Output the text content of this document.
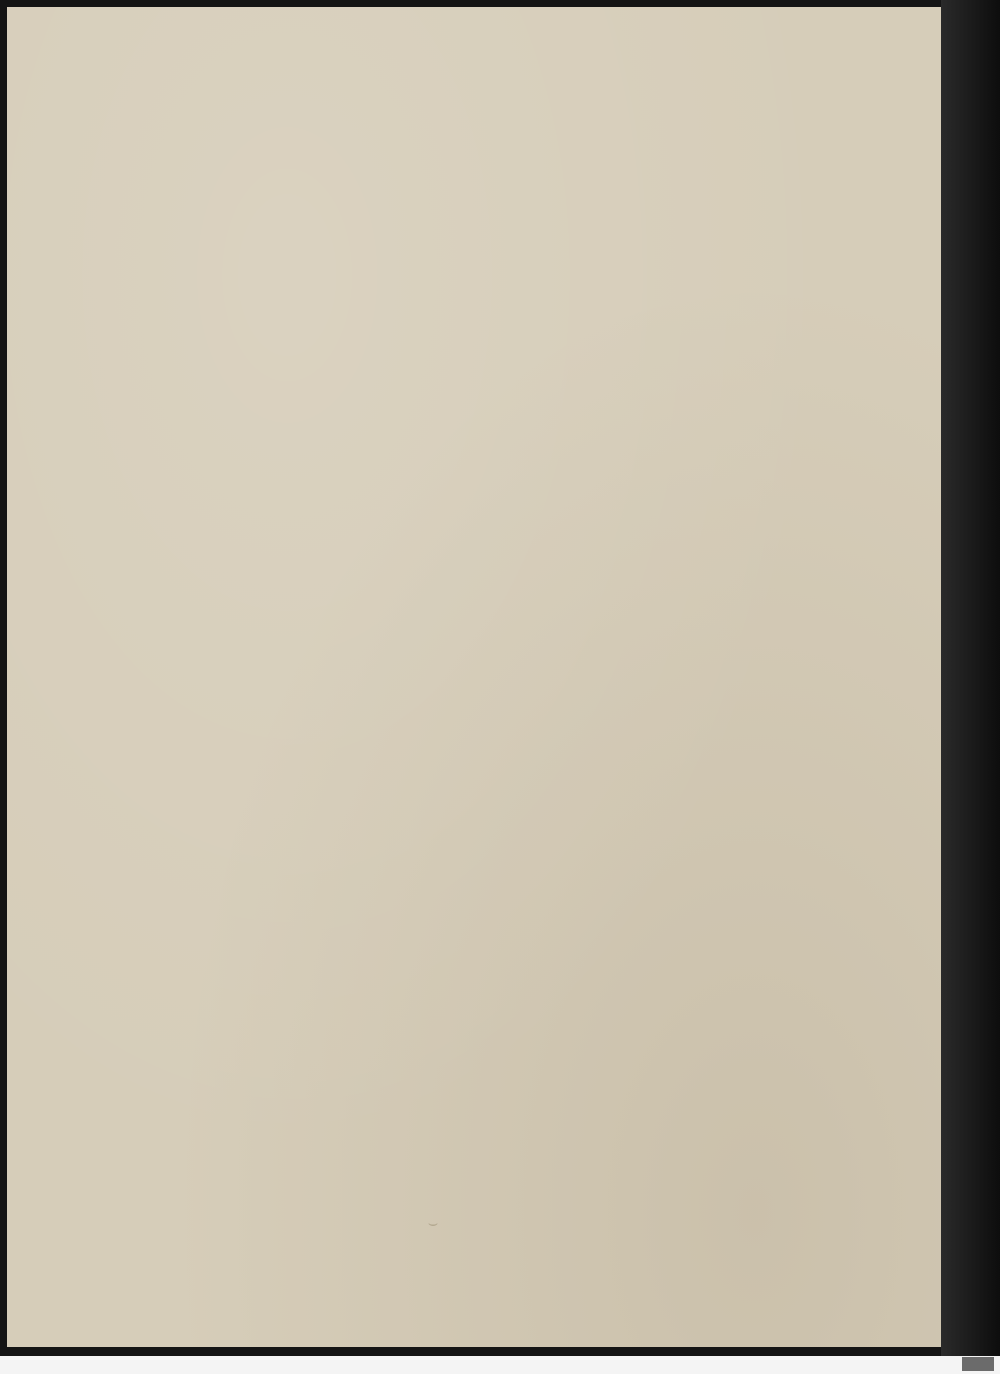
⌣
